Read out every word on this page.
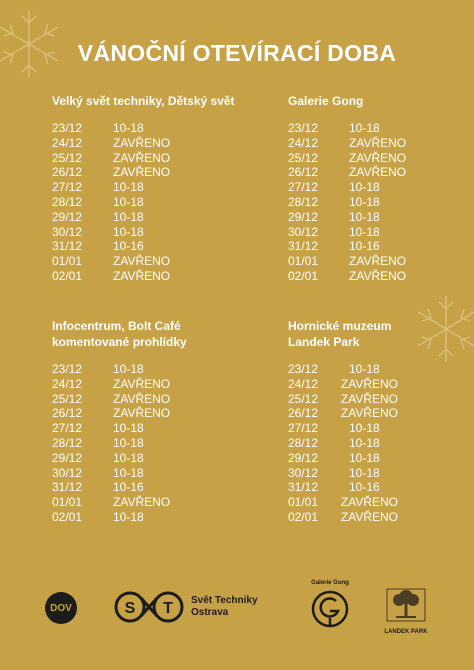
VÁNOČNÍ OTEVÍRACÍ DOBA
Velký svět techniky, Dětský svět
23/12	10-18
24/12	ZAVŘENO
25/12	ZAVŘENO
26/12	ZAVŘENO
27/12	10-18
28/12	10-18
29/12	10-18
30/12	10-18
31/12	10-16
01/01	ZAVŘENO
02/01	ZAVŘENO
Galerie Gong
23/12	10-18
24/12	ZAVŘENO
25/12	ZAVŘENO
26/12	ZAVŘENO
27/12	10-18
28/12	10-18
29/12	10-18
30/12	10-18
31/12	10-16
01/01	ZAVŘENO
02/01	ZAVŘENO
Infocentrum, Bolt Café komentované prohlídky
23/12	10-18
24/12	ZAVŘENO
25/12	ZAVŘENO
26/12	ZAVŘENO
27/12	10-18
28/12	10-18
29/12	10-18
30/12	10-18
31/12	10-16
01/01	ZAVŘENO
02/01	10-18
Hornické muzeum Landek Park
23/12	10-18
24/12	ZAVŘENO
25/12	ZAVŘENO
26/12	ZAVŘENO
27/12	10-18
28/12	10-18
29/12	10-18
30/12	10-18
31/12	10-16
01/01	ZAVŘENO
02/01	ZAVŘENO
DOV	S T Svět Techniky
Ostrava
Galerie Gong
LANDEK PARK
